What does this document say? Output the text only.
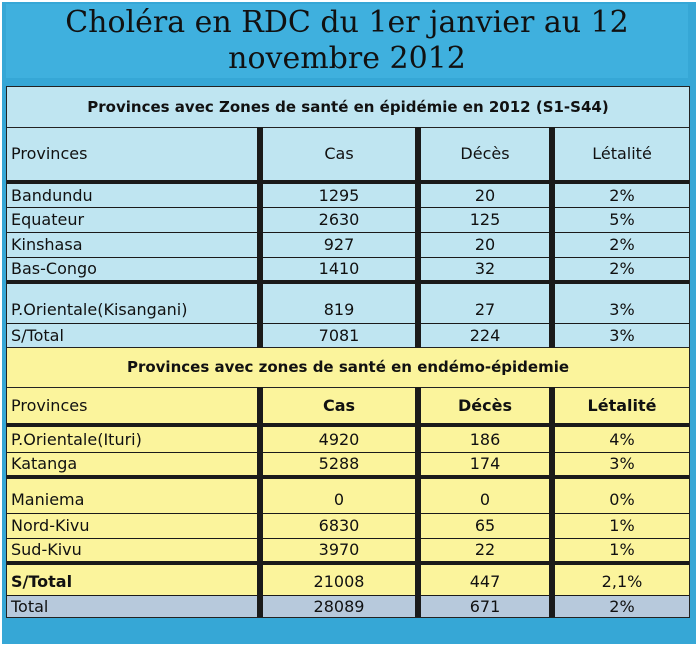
Choléra en RDC du 1er janvier au 12
novembre 2012
Provinces avec Zones de santé en épidémie en 2012 (S1-S44)			
Provinces	Cas	Décès	Létalité
Bandundu	1295	20	2%
Equateur	2630	125	5%
Kinshasa	927	20	2%
Bas-Congo	1410	32	2%
P.Orientale(Kisangani)	819	27	3%
S/Total	7081	224	3%
Provinces avec zones de santé en endémo-épidemie			
Provinces	Cas	Décès	Létalité
P.Orientale(Ituri)	4920	186	4%
Katanga	5288	174	3%
Maniema	0	0	0%
Nord-Kivu	6830	65	1%
Sud-Kivu	3970	22	1%
S/Total	21008	447	2,1%
Total	28089	671	2%
